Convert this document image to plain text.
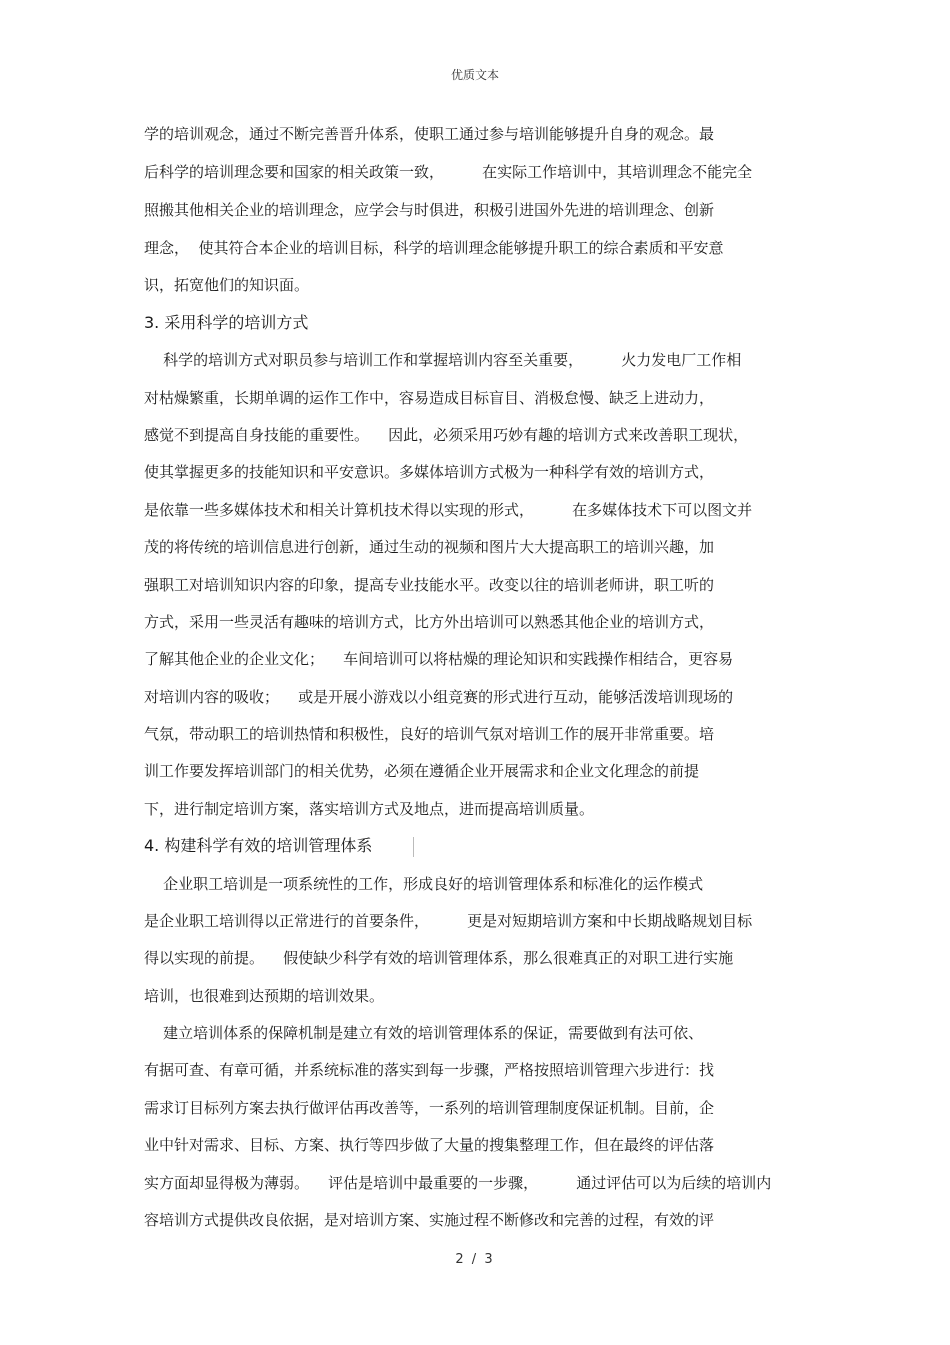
优质文本
学的培训观念，通过不断完善晋升体系，使职工通过参与培训能够提升自身的观念。最
后科学的培训理念要和国家的相关政策一致，        在实际工作培训中，其培训理念不能完全
照搬其他相关企业的培训理念，应学会与时俱进，积极引进国外先进的培训理念、创新
理念，  使其符合本企业的培训目标，科学的培训理念能够提升职工的综合素质和平安意
识，拓宽他们的知识面。
3. 采用科学的培训方式
科学的培训方式对职员参与培训工作和掌握培训内容至关重要，        火力发电厂工作相
对枯燥繁重，长期单调的运作工作中，容易造成目标盲目、消极怠慢、缺乏上进动力，
感觉不到提高自身技能的重要性。    因此，必须采用巧妙有趣的培训方式来改善职工现状，
使其掌握更多的技能知识和平安意识。多媒体培训方式极为一种科学有效的培训方式，
是依靠一些多媒体技术和相关计算机技术得以实现的形式，        在多媒体技术下可以图文并
茂的将传统的培训信息进行创新，通过生动的视频和图片大大提高职工的培训兴趣，加
强职工对培训知识内容的印象，提高专业技能水平。改变以往的培训老师讲，职工听的
方式，采用一些灵活有趣味的培训方式，比方外出培训可以熟悉其他企业的培训方式，
了解其他企业的企业文化；    车间培训可以将枯燥的理论知识和实践操作相结合，更容易
对培训内容的吸收；    或是开展小游戏以小组竞赛的形式进行互动，能够活泼培训现场的
气氛，带动职工的培训热情和积极性，良好的培训气氛对培训工作的展开非常重要。培
训工作要发挥培训部门的相关优势，必须在遵循企业开展需求和企业文化理念的前提
下，进行制定培训方案，落实培训方式及地点，进而提高培训质量。
4. 构建科学有效的培训管理体系
企业职工培训是一项系统性的工作，形成良好的培训管理体系和标准化的运作模式
是企业职工培训得以正常进行的首要条件，        更是对短期培训方案和中长期战略规划目标
得以实现的前提。    假使缺少科学有效的培训管理体系，那么很难真正的对职工进行实施
培训，也很难到达预期的培训效果。
建立培训体系的保障机制是建立有效的培训管理体系的保证，需要做到有法可依、
有据可查、有章可循，并系统标准的落实到每一步骤，严格按照培训管理六步进行：找
需求订目标列方案去执行做评估再改善等，一系列的培训管理制度保证机制。目前，企
业中针对需求、目标、方案、执行等四步做了大量的搜集整理工作，但在最终的评估落
实方面却显得极为薄弱。    评估是培训中最重要的一步骤，        通过评估可以为后续的培训内
容培训方式提供改良依据，是对培训方案、实施过程不断修改和完善的过程，有效的评
2 / 3
